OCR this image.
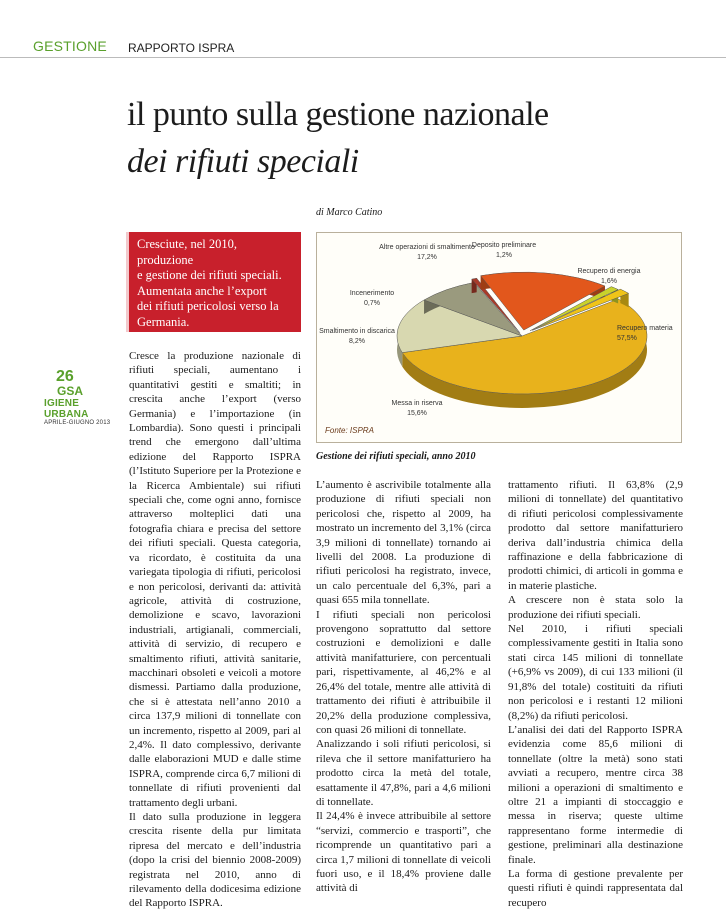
GESTIONE RAPPORTO ISPRA
il punto sulla gestione nazionale
dei rifiuti speciali
di Marco Catino
Cresciute, nel 2010, produzione
e gestione dei rifiuti speciali.
Aumentata anche l’export
dei rifiuti pericolosi verso la
Germania.	Recupero materia
57,5%
Messa in riserva
15,6%
Smaltimento in discarica
8,2%
Incenerimento
0,7%
Altre operazioni di smaltimento
17,2%
Deposito preliminare
1,2%
Recupero di energia
1,6%
Fonte: ISPRA
Gestione dei rifiuti speciali, anno 2010
26
GSA
IGIENE URBANA
APRILE-GIUGNO 2013

Cresce la produzione nazionale di rifiuti speciali, aumentano i quantitativi gestiti e smaltiti; in crescita anche l’export (verso Germania) e l’importazione (in Lombardia). Sono questi i principali trend che emergono dall’ultima edizione del Rapporto ISPRA (l’Istituto Superiore per la Protezione e la Ricerca Ambientale) sui rifiuti speciali che, come ogni anno, fornisce attraverso molteplici dati una fotografia chiara e precisa del settore dei rifiuti speciali. Questa categoria, va ricordato, è costituita da una variegata tipologia di rifiuti, pericolosi e non pericolosi, derivanti da: attività agricole, attività di costruzione, demolizione e scavo, lavorazioni industriali, artigianali, commerciali, attività di servizio, di recupero e smaltimento rifiuti, attività sanitarie, macchinari obsoleti e veicoli a motore dismessi. Partiamo dalla produzione, che si è attestata nell’anno 2010 a circa 137,9 milioni di tonnellate con un incremento, rispetto al 2009, pari al 2,4%. Il dato complessivo, derivante dalle elaborazioni MUD e dalle stime ISPRA, comprende circa 6,7 milioni di tonnellate di rifiuti provenienti dal trattamento degli urbani.

Il dato sulla produzione in leggera crescita risente della pur limitata ripresa del mercato e dell’industria (dopo la crisi del biennio 2008-2009) registrata nel 2010, anno di rilevamento della dodicesima edizione del Rapporto ISPRA.

L’aumento è ascrivibile totalmente alla produzione di rifiuti speciali non pericolosi che, rispetto al 2009, ha mostrato un incremento del 3,1% (circa 3,9 milioni di tonnellate) tornando ai livelli del 2008. La produzione di rifiuti pericolosi ha registrato, invece, un calo percentuale del 6,3%, pari a quasi 655 mila tonnellate.

I rifiuti speciali non pericolosi provengono soprattutto dal settore costruzioni e demolizioni e dalle attività manifatturiere, con percentuali pari, rispettivamente, al 46,2% e al 26,4% del totale, mentre alle attività di trattamento dei rifiuti è attribuibile il 20,2% della produzione complessiva, con quasi 26 milioni di tonnellate.

Analizzando i soli rifiuti pericolosi, si rileva che il settore manifatturiero ha prodotto circa la metà del totale, esattamente il 47,8%, pari a 4,6 milioni di tonnellate.

Il 24,4% è invece attribuibile al settore “servizi, commercio e trasporti”, che ricomprende un quantitativo pari a circa 1,7 milioni di tonnellate di veicoli fuori uso, e il 18,4% proviene dalle attività di

trattamento rifiuti. Il 63,8% (2,9 milioni di tonnellate) del quantitativo di rifiuti pericolosi complessivamente prodotto dal settore manifatturiero deriva dall’industria chimica della raffinazione e della fabbricazione di prodotti chimici, di articoli in gomma e in materie plastiche.

A crescere non è stata solo la produzione dei rifiuti speciali.

Nel 2010, i rifiuti speciali complessivamente gestiti in Italia sono stati circa 145 milioni di tonnellate (+6,9% vs 2009), di cui 133 milioni (il 91,8% del totale) costituiti da rifiuti non pericolosi e i restanti 12 milioni (8,2%) da rifiuti pericolosi.

L’analisi dei dati del Rapporto ISPRA evidenzia come 85,6 milioni di tonnellate (oltre la metà) sono stati avviati a recupero, mentre circa 38 milioni a operazioni di smaltimento e oltre 21 a impianti di stoccaggio e messa in riserva; queste ultime rappresentano forme intermedie di gestione, preliminari alla destinazione finale.

La forma di gestione prevalente per questi rifiuti è quindi rappresentata dal recupero
